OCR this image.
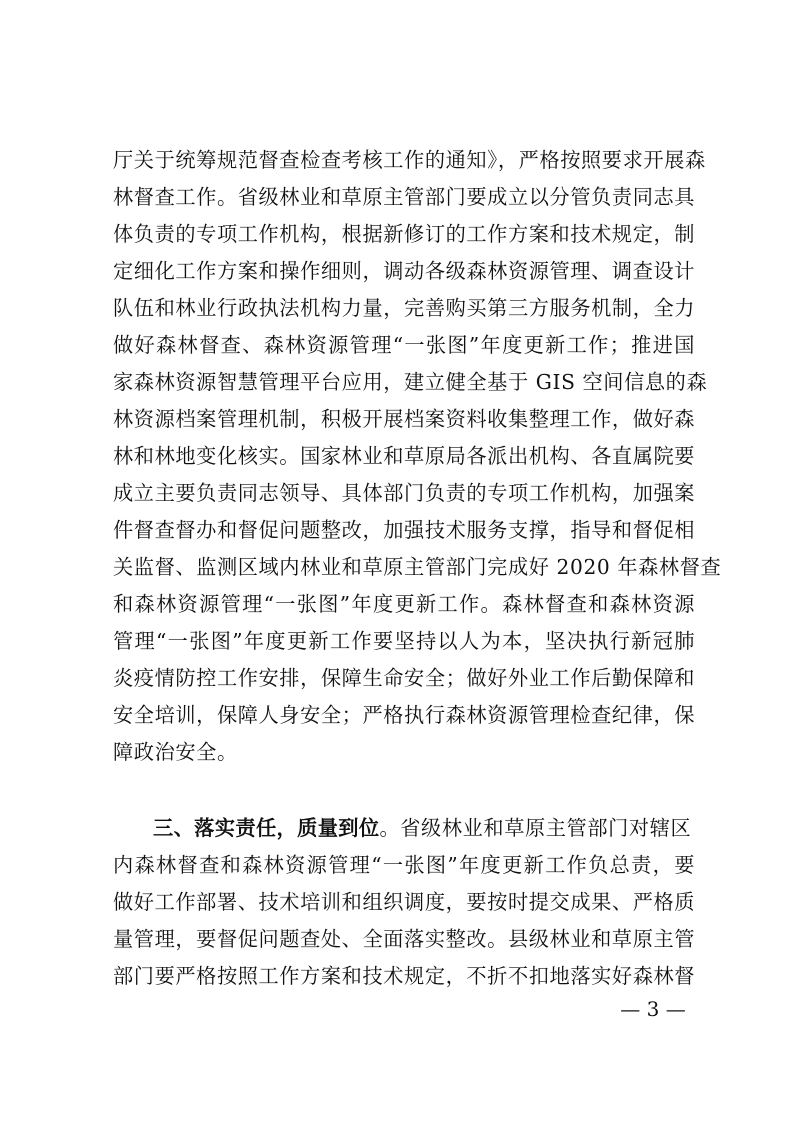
厅关于统筹规范督查检查考核工作的通知》，严格按照要求开展森
林督查工作。省级林业和草原主管部门要成立以分管负责同志具
体负责的专项工作机构，根据新修订的工作方案和技术规定，制
定细化工作方案和操作细则，调动各级森林资源管理、调查设计
队伍和林业行政执法机构力量，完善购买第三方服务机制，全力
做好森林督查、森林资源管理“一张图”年度更新工作；推进国
家森林资源智慧管理平台应用，建立健全基于 GIS 空间信息的森
林资源档案管理机制，积极开展档案资料收集整理工作，做好森
林和林地变化核实。国家林业和草原局各派出机构、各直属院要
成立主要负责同志领导、具体部门负责的专项工作机构，加强案
件督查督办和督促问题整改，加强技术服务支撑，指导和督促相
关监督、监测区域内林业和草原主管部门完成好 2020 年森林督查
和森林资源管理“一张图”年度更新工作。森林督查和森林资源
管理“一张图”年度更新工作要坚持以人为本，坚决执行新冠肺
炎疫情防控工作安排，保障生命安全；做好外业工作后勤保障和
安全培训，保障人身安全；严格执行森林资源管理检查纪律，保
障政治安全。
三、落实责任，质量到位。省级林业和草原主管部门对辖区
内森林督查和森林资源管理“一张图”年度更新工作负总责，要
做好工作部署、技术培训和组织调度，要按时提交成果、严格质
量管理，要督促问题查处、全面落实整改。县级林业和草原主管
部门要严格按照工作方案和技术规定，不折不扣地落实好森林督
— 3 —
